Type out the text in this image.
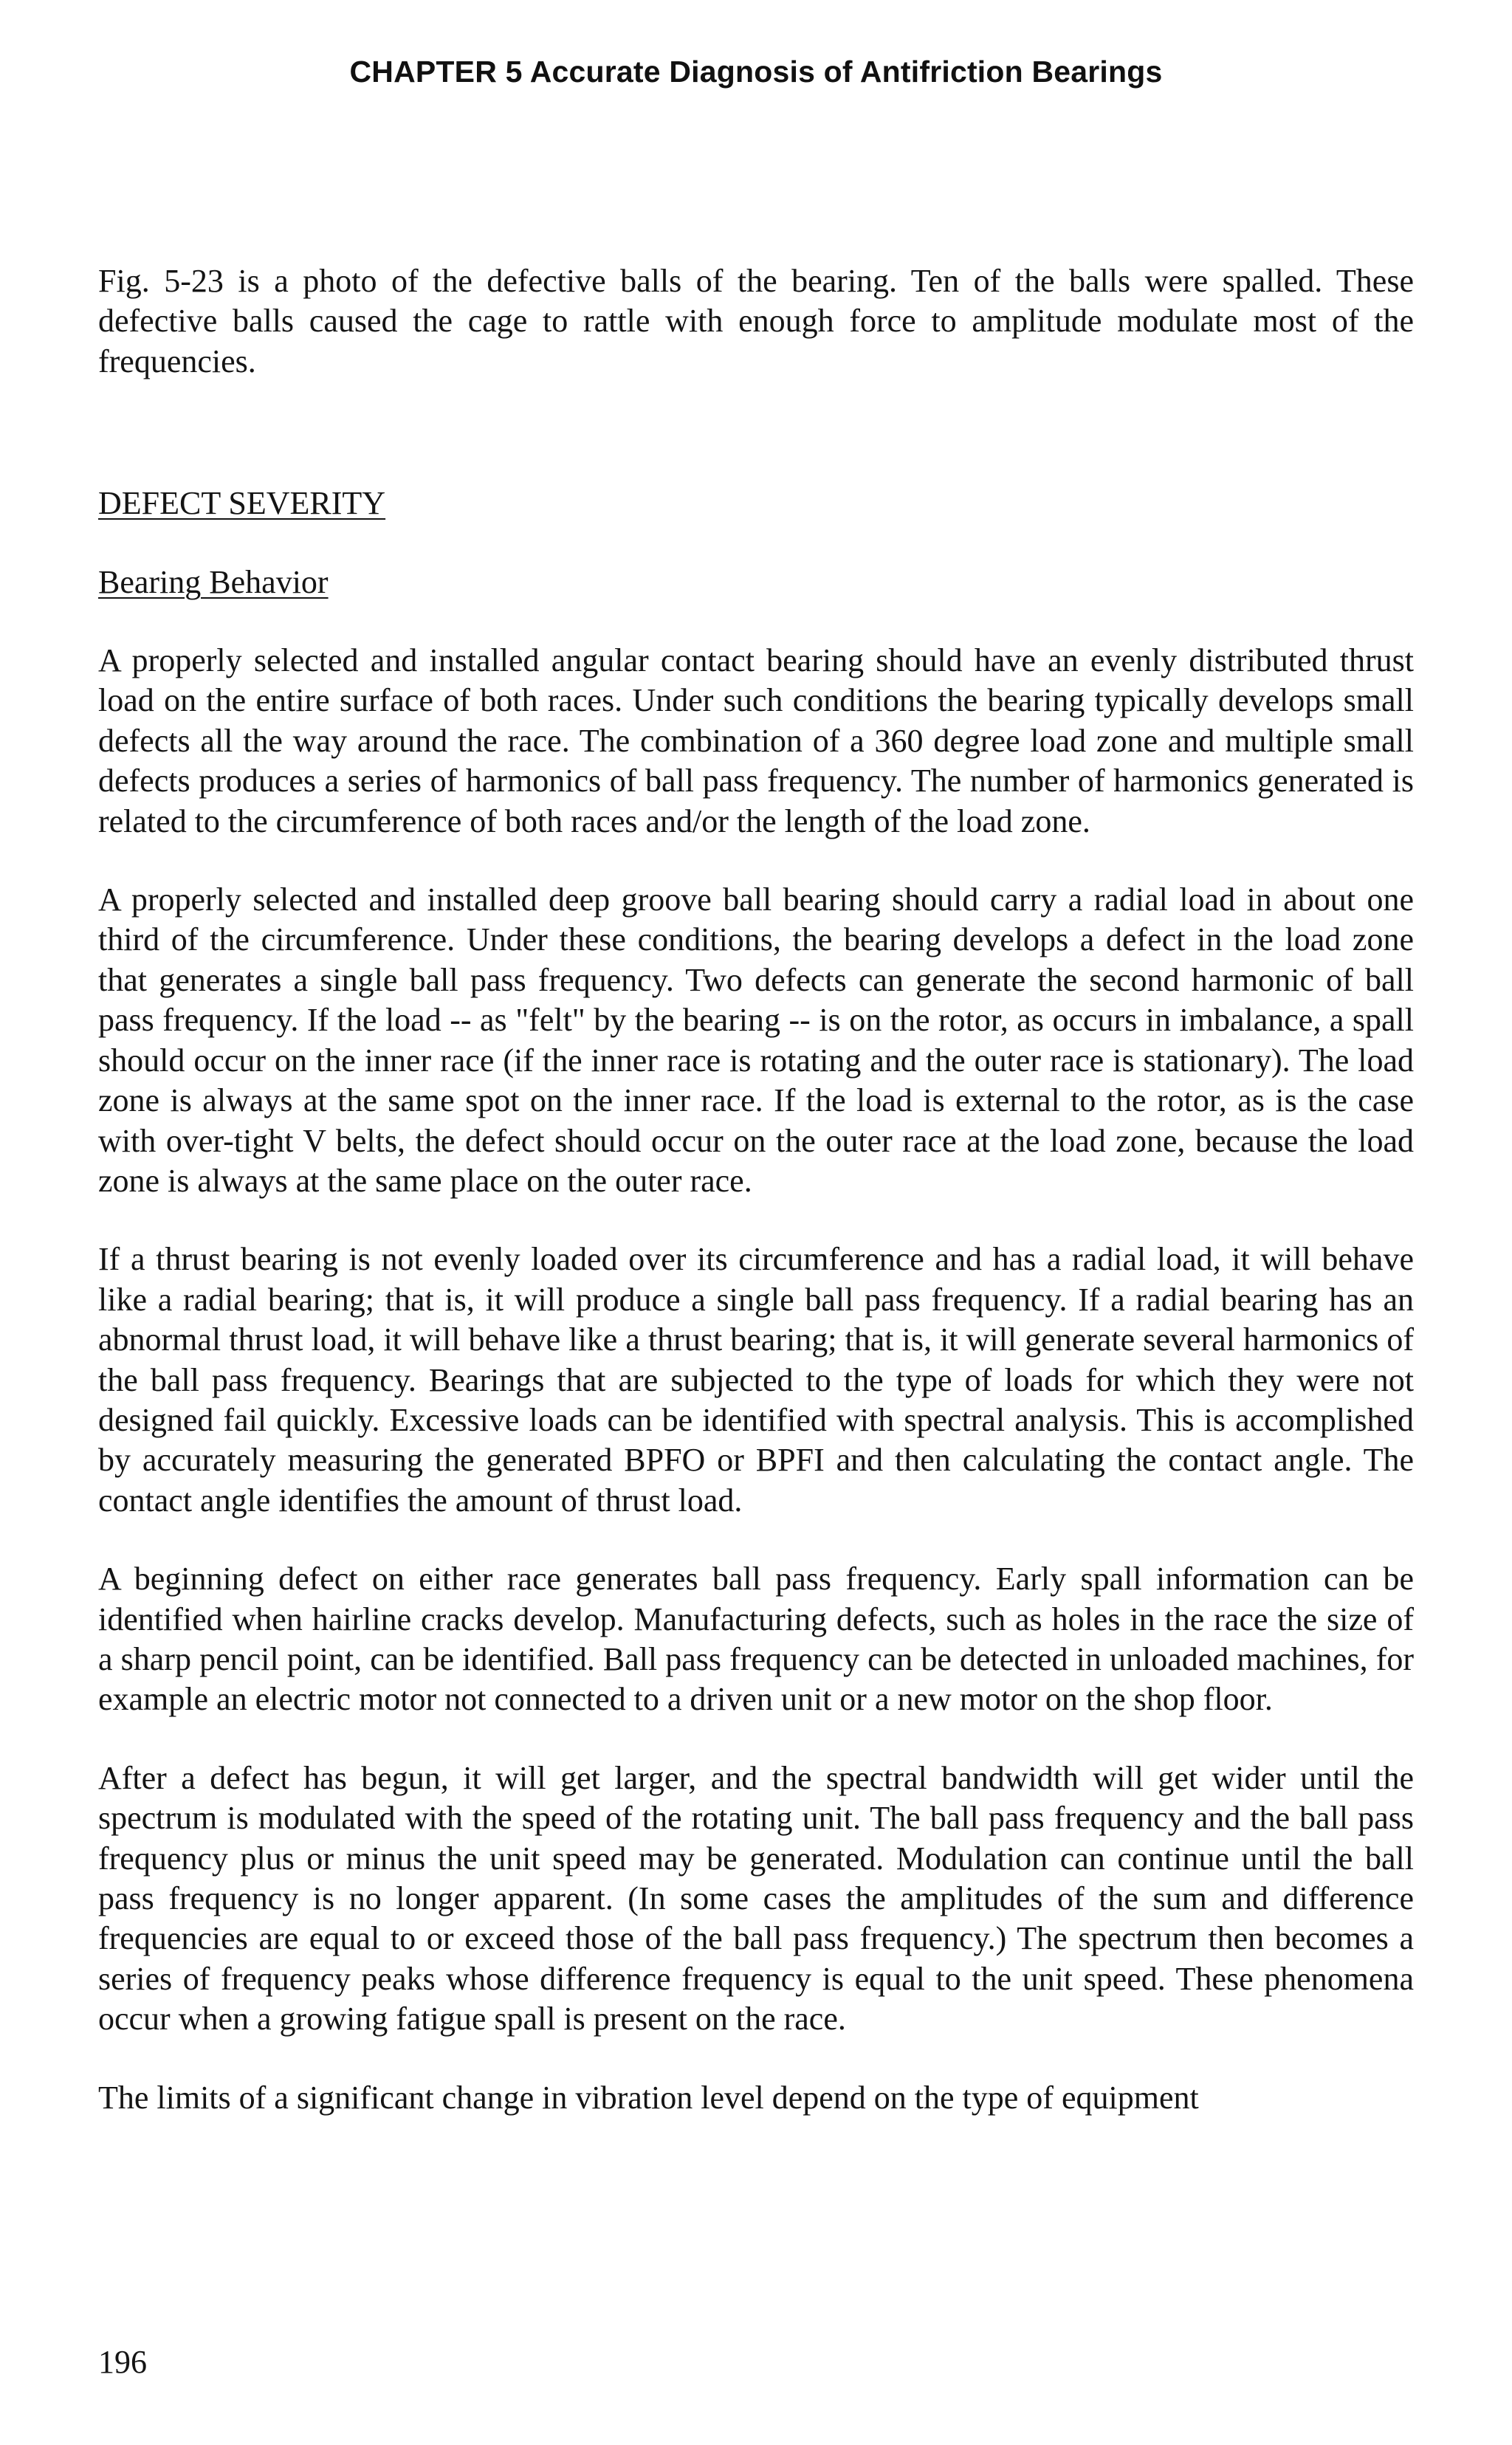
CHAPTER 5 Accurate Diagnosis of Antifriction Bearings

Fig. 5-23 is a photo of the defective balls of the bearing. Ten of the balls were spalled. These defective balls caused the cage to rattle with enough force to amplitude modulate most of the frequencies.

DEFECT SEVERITY

Bearing Behavior

A properly selected and installed angular contact bearing should have an evenly distributed thrust load on the entire surface of both races. Under such conditions the bearing typically develops small defects all the way around the race. The combination of a 360 degree load zone and multiple small defects produces a series of harmonics of ball pass frequency. The number of harmonics generated is related to the circumference of both races and/or the length of the load zone.

A properly selected and installed deep groove ball bearing should carry a radial load in about one third of the circumference. Under these conditions, the bearing develops a defect in the load zone that generates a single ball pass frequency. Two defects can generate the second harmonic of ball pass frequency. If the load -- as "felt" by the bearing -- is on the rotor, as occurs in imbalance, a spall should occur on the inner race (if the inner race is rotating and the outer race is stationary). The load zone is always at the same spot on the inner race. If the load is external to the rotor, as is the case with over-tight V belts, the defect should occur on the outer race at the load zone, because the load zone is always at the same place on the outer race.

If a thrust bearing is not evenly loaded over its circumference and has a radial load, it will behave like a radial bearing; that is, it will produce a single ball pass frequency. If a radial bearing has an abnormal thrust load, it will behave like a thrust bearing; that is, it will generate several harmonics of the ball pass frequency. Bearings that are subjected to the type of loads for which they were not designed fail quickly. Excessive loads can be identified with spectral analysis. This is accomplished by accurately measuring the generated BPFO or BPFI and then calculating the contact angle. The contact angle identifies the amount of thrust load.

A beginning defect on either race generates ball pass frequency. Early spall information can be identified when hairline cracks develop. Manufacturing defects, such as holes in the race the size of a sharp pencil point, can be identified. Ball pass frequency can be detected in unloaded machines, for example an electric motor not connected to a driven unit or a new motor on the shop floor.

After a defect has begun, it will get larger, and the spectral bandwidth will get wider until the spectrum is modulated with the speed of the rotating unit. The ball pass frequency and the ball pass frequency plus or minus the unit speed may be generated. Modulation can continue until the ball pass frequency is no longer apparent. (In some cases the amplitudes of the sum and difference frequencies are equal to or exceed those of the ball pass frequency.) The spectrum then becomes a series of frequency peaks whose difference frequency is equal to the unit speed. These phenomena occur when a growing fatigue spall is present on the race.

The limits of a significant change in vibration level depend on the type of equipment

196
